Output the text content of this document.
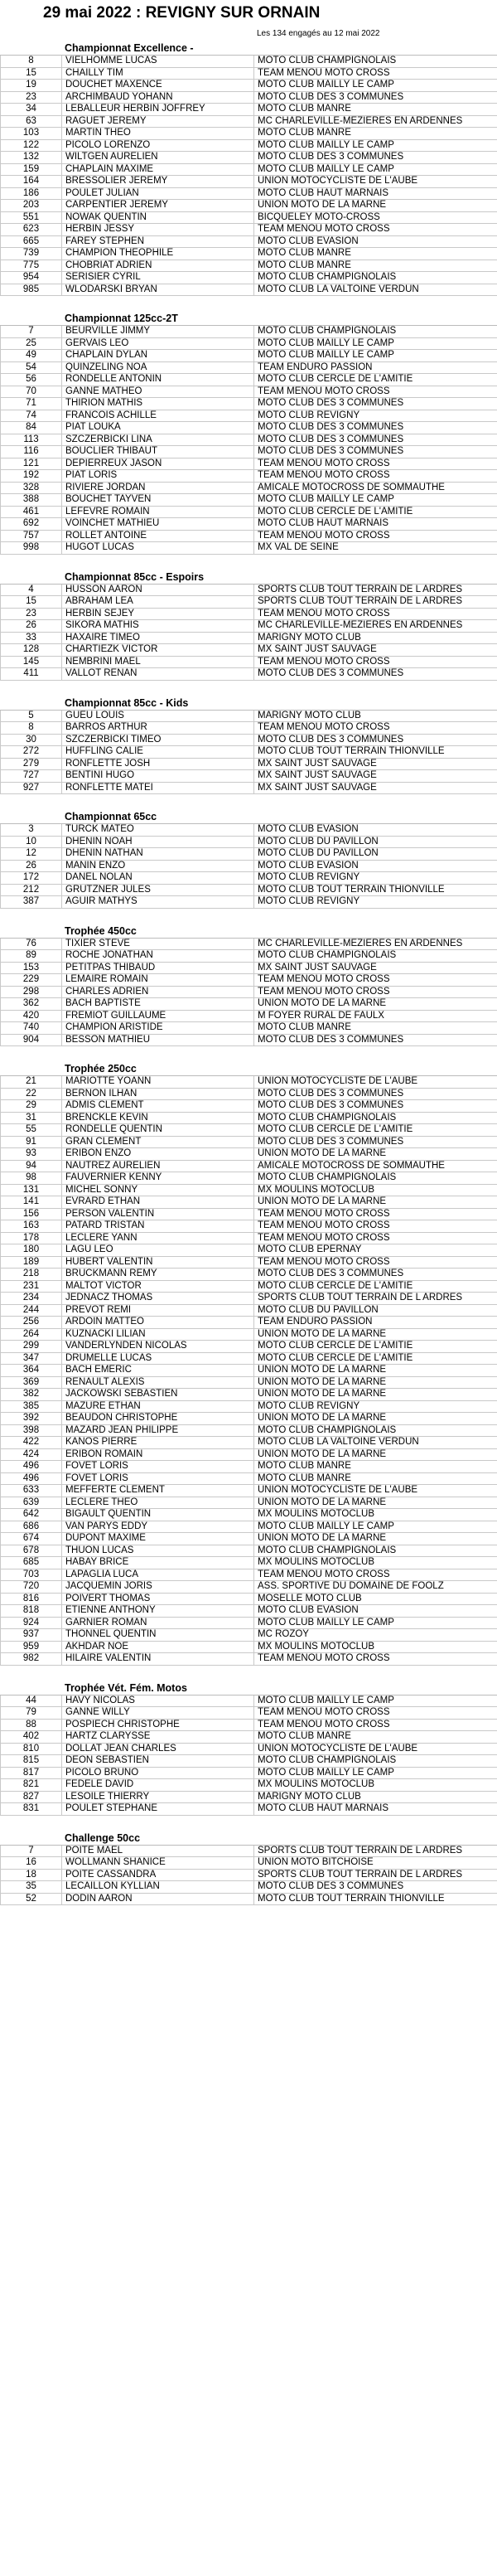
29 mai 2022 : REVIGNY SUR ORNAIN
Les 134 engagés au 12 mai 2022
Championnat Excellence -
8	VIELHOMME LUCAS	MOTO CLUB CHAMPIGNOLAIS
15	CHAILLY TIM	TEAM MENOU MOTO CROSS
19	DOUCHET MAXENCE	MOTO CLUB MAILLY LE CAMP
23	ARCHIMBAUD YOHANN	MOTO CLUB DES 3 COMMUNES
34	LEBALLEUR HERBIN JOFFREY	MOTO CLUB MANRE
63	RAGUET JEREMY	MC CHARLEVILLE-MEZIERES EN ARDENNES
103	MARTIN THEO	MOTO CLUB MANRE
122	PICOLO LORENZO	MOTO CLUB MAILLY LE CAMP
132	WILTGEN AURELIEN	MOTO CLUB DES 3 COMMUNES
159	CHAPLAIN MAXIME	MOTO CLUB MAILLY LE CAMP
164	BRESSOLIER JEREMY	UNION MOTOCYCLISTE DE L'AUBE
186	POULET JULIAN	MOTO CLUB HAUT MARNAIS
203	CARPENTIER JEREMY	UNION MOTO DE LA MARNE
551	NOWAK QUENTIN	BICQUELEY MOTO-CROSS
623	HERBIN JESSY	TEAM MENOU MOTO CROSS
665	FAREY STEPHEN	MOTO CLUB EVASION
739	CHAMPION THEOPHILE	MOTO CLUB MANRE
775	CHOBRIAT ADRIEN	MOTO CLUB MANRE
954	SERISIER CYRIL	MOTO CLUB CHAMPIGNOLAIS
985	WLODARSKI BRYAN	MOTO CLUB LA VALTOINE VERDUN
Championnat 125cc-2T
7	BEURVILLE JIMMY	MOTO CLUB CHAMPIGNOLAIS
25	GERVAIS LEO	MOTO CLUB MAILLY LE CAMP
49	CHAPLAIN DYLAN	MOTO CLUB MAILLY LE CAMP
54	QUINZELING NOA	TEAM ENDURO PASSION
56	RONDELLE ANTONIN	MOTO CLUB CERCLE DE L'AMITIE
70	GANNE MATHEO	TEAM MENOU MOTO CROSS
71	THIRION MATHIS	MOTO CLUB DES 3 COMMUNES
74	FRANCOIS ACHILLE	MOTO CLUB REVIGNY
84	PIAT LOUKA	MOTO CLUB DES 3 COMMUNES
113	SZCZERBICKI LINA	MOTO CLUB DES 3 COMMUNES
116	BOUCLIER THIBAUT	MOTO CLUB DES 3 COMMUNES
121	DEPIERREUX JASON	TEAM MENOU MOTO CROSS
192	PIAT LORIS	TEAM MENOU MOTO CROSS
328	RIVIERE JORDAN	AMICALE MOTOCROSS DE SOMMAUTHE
388	BOUCHET TAYVEN	MOTO CLUB MAILLY LE CAMP
461	LEFEVRE ROMAIN	MOTO CLUB CERCLE DE L'AMITIE
692	VOINCHET MATHIEU	MOTO CLUB HAUT MARNAIS
757	ROLLET ANTOINE	TEAM MENOU MOTO CROSS
998	HUGOT LUCAS	MX VAL DE SEINE
Championnat 85cc - Espoirs
4	HUSSON AARON	SPORTS CLUB TOUT TERRAIN DE L ARDRES
15	ABRAHAM LEA	SPORTS CLUB TOUT TERRAIN DE L ARDRES
23	HERBIN SEJEY	TEAM MENOU MOTO CROSS
26	SIKORA MATHIS	MC CHARLEVILLE-MEZIERES EN ARDENNES
33	HAXAIRE TIMEO	MARIGNY MOTO CLUB
128	CHARTIEZK VICTOR	MX SAINT JUST SAUVAGE
145	NEMBRINI MAEL	TEAM MENOU MOTO CROSS
411	VALLOT RENAN	MOTO CLUB DES 3 COMMUNES
Championnat 85cc - Kids
5	GUEU LOUIS	MARIGNY MOTO CLUB
8	BARROS ARTHUR	TEAM MENOU MOTO CROSS
30	SZCZERBICKI TIMEO	MOTO CLUB DES 3 COMMUNES
272	HUFFLING CALIE	MOTO CLUB TOUT TERRAIN THIONVILLE
279	RONFLETTE JOSH	MX SAINT JUST SAUVAGE
727	BENTINI HUGO	MX SAINT JUST SAUVAGE
927	RONFLETTE MATEI	MX SAINT JUST SAUVAGE
Championnat 65cc
3	TURCK MATEO	MOTO CLUB EVASION
10	DHENIN NOAH	MOTO CLUB DU PAVILLON
12	DHENIN NATHAN	MOTO CLUB DU PAVILLON
26	MANIN ENZO	MOTO CLUB EVASION
172	DANEL NOLAN	MOTO CLUB REVIGNY
212	GRUTZNER JULES	MOTO CLUB TOUT TERRAIN THIONVILLE
387	AGUIR MATHYS	MOTO CLUB REVIGNY
Trophée 450cc
76	TIXIER STEVE	MC CHARLEVILLE-MEZIERES EN ARDENNES
89	ROCHE JONATHAN	MOTO CLUB CHAMPIGNOLAIS
153	PETITPAS THIBAUD	MX SAINT JUST SAUVAGE
229	LEMAIRE ROMAIN	TEAM MENOU MOTO CROSS
298	CHARLES ADRIEN	TEAM MENOU MOTO CROSS
362	BACH BAPTISTE	UNION MOTO DE LA MARNE
420	FREMIOT GUILLAUME	M FOYER RURAL DE FAULX
740	CHAMPION ARISTIDE	MOTO CLUB MANRE
904	BESSON MATHIEU	MOTO CLUB DES 3 COMMUNES
Trophée 250cc
21	MARIOTTE YOANN	UNION MOTOCYCLISTE DE L'AUBE
22	BERNON ILHAN	MOTO CLUB DES 3 COMMUNES
29	ADMIS CLEMENT	MOTO CLUB DES 3 COMMUNES
31	BRENCKLE KEVIN	MOTO CLUB CHAMPIGNOLAIS
55	RONDELLE QUENTIN	MOTO CLUB CERCLE DE L'AMITIE
91	GRAN CLEMENT	MOTO CLUB DES 3 COMMUNES
93	ERIBON ENZO	UNION MOTO DE LA MARNE
94	NAUTREZ AURELIEN	AMICALE MOTOCROSS DE SOMMAUTHE
98	FAUVERNIER KENNY	MOTO CLUB CHAMPIGNOLAIS
131	MICHEL SONNY	MX MOULINS MOTOCLUB
141	EVRARD ETHAN	UNION MOTO DE LA MARNE
156	PERSON VALENTIN	TEAM MENOU MOTO CROSS
163	PATARD TRISTAN	TEAM MENOU MOTO CROSS
178	LECLERE YANN	TEAM MENOU MOTO CROSS
180	LAGU LEO	MOTO CLUB EPERNAY
189	HUBERT VALENTIN	TEAM MENOU MOTO CROSS
218	BRUCKMANN REMY	MOTO CLUB DES 3 COMMUNES
231	MALTOT VICTOR	MOTO CLUB CERCLE DE L'AMITIE
234	JEDNACZ THOMAS	SPORTS CLUB TOUT TERRAIN DE L ARDRES
244	PREVOT REMI	MOTO CLUB DU PAVILLON
256	ARDOIN MATTEO	TEAM ENDURO PASSION
264	KUZNACKI LILIAN	UNION MOTO DE LA MARNE
299	VANDERLYNDEN NICOLAS	MOTO CLUB CERCLE DE L'AMITIE
347	DRUMELLE LUCAS	MOTO CLUB CERCLE DE L'AMITIE
364	BACH EMERIC	UNION MOTO DE LA MARNE
369	RENAULT ALEXIS	UNION MOTO DE LA MARNE
382	JACKOWSKI SEBASTIEN	UNION MOTO DE LA MARNE
385	MAZURE ETHAN	MOTO CLUB REVIGNY
392	BEAUDON CHRISTOPHE	UNION MOTO DE LA MARNE
398	MAZARD JEAN PHILIPPE	MOTO CLUB CHAMPIGNOLAIS
422	KANOS PIERRE	MOTO CLUB LA VALTOINE VERDUN
424	ERIBON ROMAIN	UNION MOTO DE LA MARNE
496	FOVET LORIS	MOTO CLUB MANRE
496	FOVET LORIS	MOTO CLUB MANRE
633	MEFFERTE CLEMENT	UNION MOTOCYCLISTE DE L'AUBE
639	LECLERE THEO	UNION MOTO DE LA MARNE
642	BIGAULT QUENTIN	MX MOULINS MOTOCLUB
686	VAN PARYS EDDY	MOTO CLUB MAILLY LE CAMP
674	DUPONT MAXIME	UNION MOTO DE LA MARNE
678	THUON LUCAS	MOTO CLUB CHAMPIGNOLAIS
685	HABAY BRICE	MX MOULINS MOTOCLUB
703	LAPAGLIA LUCA	TEAM MENOU MOTO CROSS
720	JACQUEMIN JORIS	ASS. SPORTIVE DU DOMAINE DE FOOLZ
816	POIVERT THOMAS	MOSELLE MOTO CLUB
818	ETIENNE ANTHONY	MOTO CLUB EVASION
924	GARNIER ROMAN	MOTO CLUB MAILLY LE CAMP
937	THONNEL QUENTIN	MC ROZOY
959	AKHDAR NOE	MX MOULINS MOTOCLUB
982	HILAIRE VALENTIN	TEAM MENOU MOTO CROSS
Trophée Vét. Fém. Motos
44	HAVY NICOLAS	MOTO CLUB MAILLY LE CAMP
79	GANNE WILLY	TEAM MENOU MOTO CROSS
88	POSPIECH CHRISTOPHE	TEAM MENOU MOTO CROSS
402	HARTZ CLARYSSE	MOTO CLUB MANRE
810	DOLLAT JEAN CHARLES	UNION MOTOCYCLISTE DE L'AUBE
815	DEON SEBASTIEN	MOTO CLUB CHAMPIGNOLAIS
817	PICOLO BRUNO	MOTO CLUB MAILLY LE CAMP
821	FEDELE DAVID	MX MOULINS MOTOCLUB
827	LESOILE THIERRY	MARIGNY MOTO CLUB
831	POULET STEPHANE	MOTO CLUB HAUT MARNAIS
Challenge 50cc
7	POITE MAEL	SPORTS CLUB TOUT TERRAIN DE L ARDRES
16	WOLLMANN SHANICE	UNION MOTO BITCHOISE
18	POITE CASSANDRA	SPORTS CLUB TOUT TERRAIN DE L ARDRES
35	LECAILLON KYLLIAN	MOTO CLUB DES 3 COMMUNES
52	DODIN AARON	MOTO CLUB TOUT TERRAIN THIONVILLE
